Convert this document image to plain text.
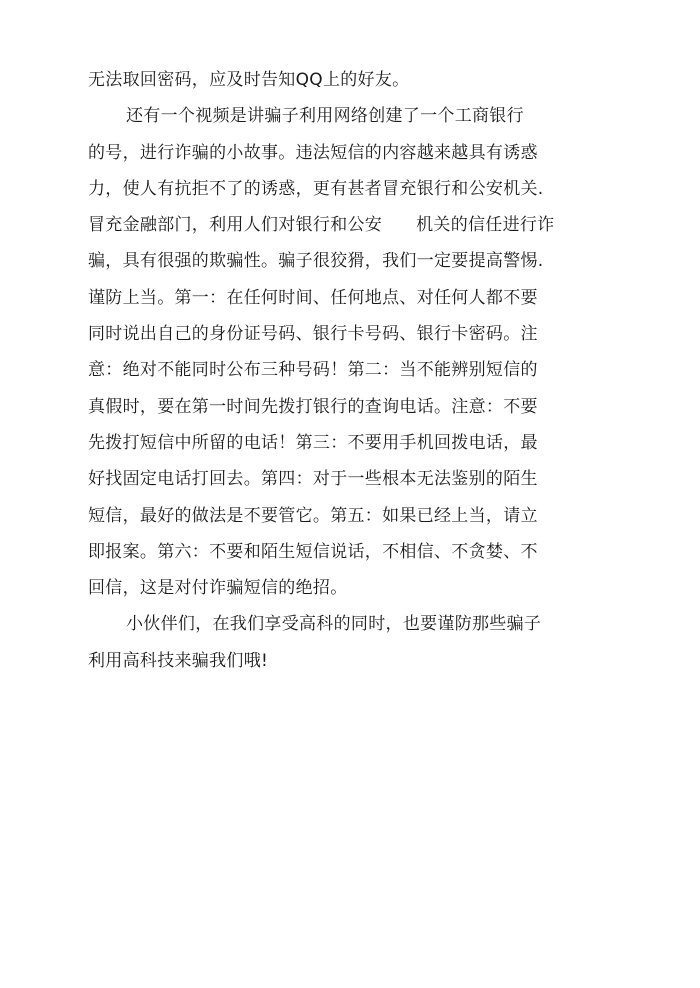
无法取回密码，应及时告知QQ上的好友。
还有一个视频是讲骗子利用网络创建了一个工商银行
的号，进行诈骗的小故事。违法短信的内容越来越具有诱惑
力，使人有抗拒不了的诱惑，更有甚者冒充银行和公安机关.
冒充金融部门，利用人们对银行和公安 机关的信任进行诈
骗，具有很强的欺骗性。骗子很狡猾，我们一定要提高警惕.
谨防上当。第一：在任何时间、任何地点、对任何人都不要
同时说出自己的身份证号码、银行卡号码、银行卡密码。注
意：绝对不能同时公布三种号码！第二：当不能辨别短信的
真假时，要在第一时间先拨打银行的查询电话。注意：不要
先拨打短信中所留的电话！第三：不要用手机回拨电话，最
好找固定电话打回去。第四：对于一些根本无法鉴别的陌生
短信，最好的做法是不要管它。第五：如果已经上当，请立
即报案。第六：不要和陌生短信说话，不相信、不贪婪、不
回信，这是对付诈骗短信的绝招。
小伙伴们，在我们享受高科的同时，也要谨防那些骗子
利用高科技来骗我们哦!
